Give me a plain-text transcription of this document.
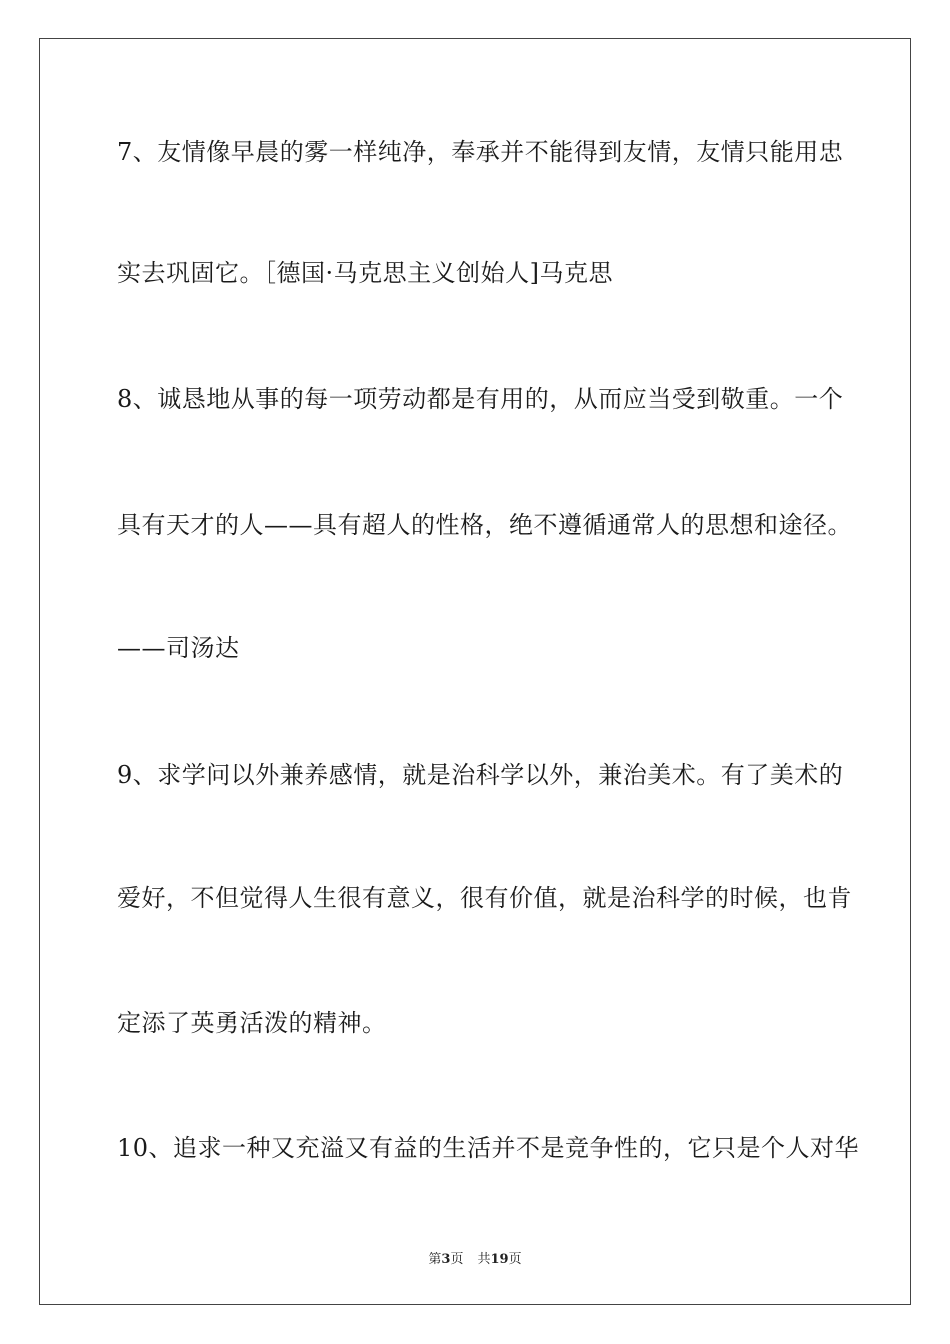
7、友情像早晨的雾一样纯净，奉承并不能得到友情，友情只能用忠
实去巩固它。［德国·马克思主义创始人]马克思
8、诚恳地从事的每一项劳动都是有用的，从而应当受到敬重。一个
具有天才的人——具有超人的性格，绝不遵循通常人的思想和途径。
——司汤达
9、求学问以外兼养感情，就是治科学以外，兼治美术。有了美术的
爱好，不但觉得人生很有意义，很有价值，就是治科学的时候，也肯
定添了英勇活泼的精神。
10、追求一种又充溢又有益的生活并不是竞争性的，它只是个人对华
第3页 共19页
